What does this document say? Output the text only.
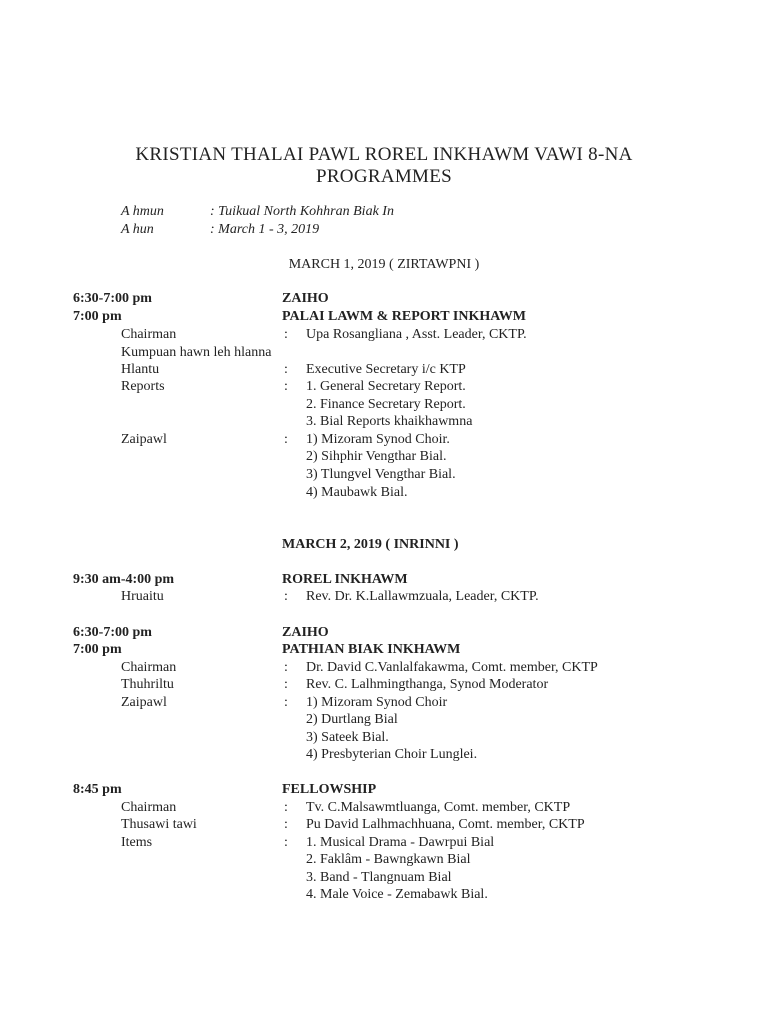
KRISTIAN THALAI PAWL ROREL INKHAWM VAWI 8-NA
PROGRAMMES
A hmun	: Tuikual North Kohhran Biak In
A hun	: March 1 - 3, 2019
MARCH 1, 2019 ( ZIRTAWPNI )
6:30-7:00 pm	ZAIHO
7:00 pm	PALAI LAWM & REPORT INKHAWM
Chairman	: Upa Rosangliana , Asst. Leader, CKTP.
Kumpuan hawn leh hlanna
Hlantu	: Executive Secretary i/c KTP
Reports	: 1. General Secretary Report.
2. Finance Secretary Report.
3. Bial Reports khaikhawmna
Zaipawl	: 1) Mizoram Synod Choir.
2) Sihphir Vengthar Bial.
3) Tlungvel Vengthar Bial.
4) Maubawk Bial.
MARCH 2, 2019 ( INRINNI )
9:30 am-4:00 pm	ROREL INKHAWM
Hruaitu	: Rev. Dr. K.Lallawmzuala, Leader, CKTP.
6:30-7:00 pm	ZAIHO
7:00 pm	PATHIAN BIAK INKHAWM
Chairman	: Dr. David C.Vanlalfakawma, Comt. member, CKTP
Thuhriltu	: Rev. C. Lalhmingthanga, Synod Moderator
Zaipawl	: 1) Mizoram Synod Choir
2) Durtlang Bial
3) Sateek Bial.
4) Presbyterian Choir Lunglei.
8:45 pm	FELLOWSHIP
Chairman	: Tv. C.Malsawmtluanga, Comt. member, CKTP
Thusawi tawi	: Pu David Lalhmachhuana, Comt. member, CKTP
Items	: 1. Musical Drama - Dawrpui Bial
2. Faklâm - Bawngkawn Bial
3. Band - Tlangnuam Bial
4. Male Voice - Zemabawk Bial.
